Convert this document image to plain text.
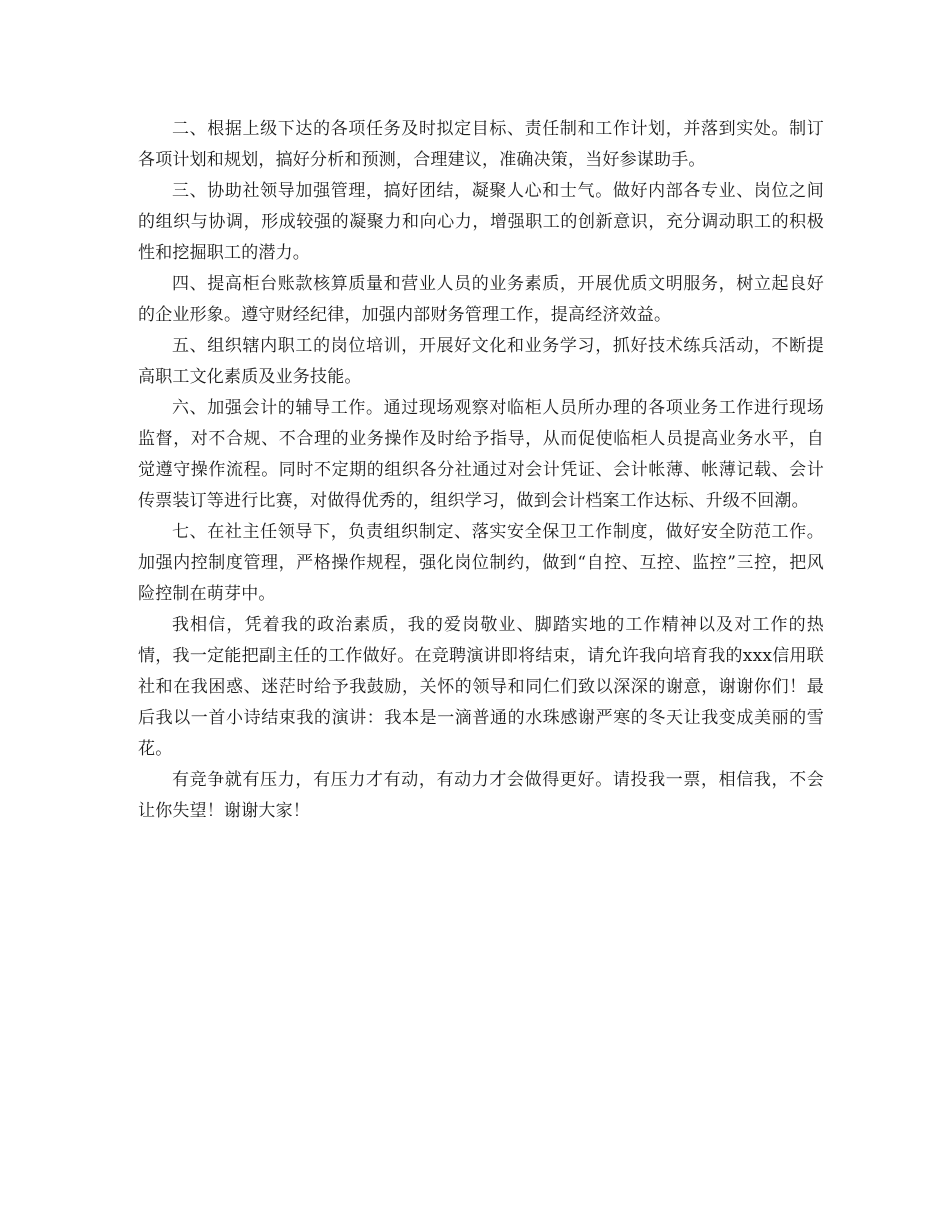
二、根据上级下达的各项任务及时拟定目标、责任制和工作计划，并落到实处。制订各项计划和规划，搞好分析和预测，合理建议，准确决策，当好参谋助手。

三、协助社领导加强管理，搞好团结，凝聚人心和士气。做好内部各专业、岗位之间的组织与协调，形成较强的凝聚力和向心力，增强职工的创新意识，充分调动职工的积极性和挖掘职工的潜力。

四、提高柜台账款核算质量和营业人员的业务素质，开展优质文明服务，树立起良好的企业形象。遵守财经纪律，加强内部财务管理工作，提高经济效益。

五、组织辖内职工的岗位培训，开展好文化和业务学习，抓好技术练兵活动，不断提高职工文化素质及业务技能。

六、加强会计的辅导工作。通过现场观察对临柜人员所办理的各项业务工作进行现场监督，对不合规、不合理的业务操作及时给予指导，从而促使临柜人员提高业务水平，自觉遵守操作流程。同时不定期的组织各分社通过对会计凭证、会计帐薄、帐薄记载、会计传票装订等进行比赛，对做得优秀的，组织学习，做到会计档案工作达标、升级不回潮。

七、在社主任领导下，负责组织制定、落实安全保卫工作制度，做好安全防范工作。加强内控制度管理，严格操作规程，强化岗位制约，做到“自控、互控、监控”三控，把风险控制在萌芽中。

我相信，凭着我的政治素质，我的爱岗敬业、脚踏实地的工作精神以及对工作的热情，我一定能把副主任的工作做好。在竞聘演讲即将结束，请允许我向培育我的xxx信用联社和在我困惑、迷茫时给予我鼓励，关怀的领导和同仁们致以深深的谢意，谢谢你们！最后我以一首小诗结束我的演讲：我本是一滴普通的水珠感谢严寒的冬天让我变成美丽的雪花。

有竞争就有压力，有压力才有动，有动力才会做得更好。请投我一票，相信我，不会让你失望！谢谢大家！
